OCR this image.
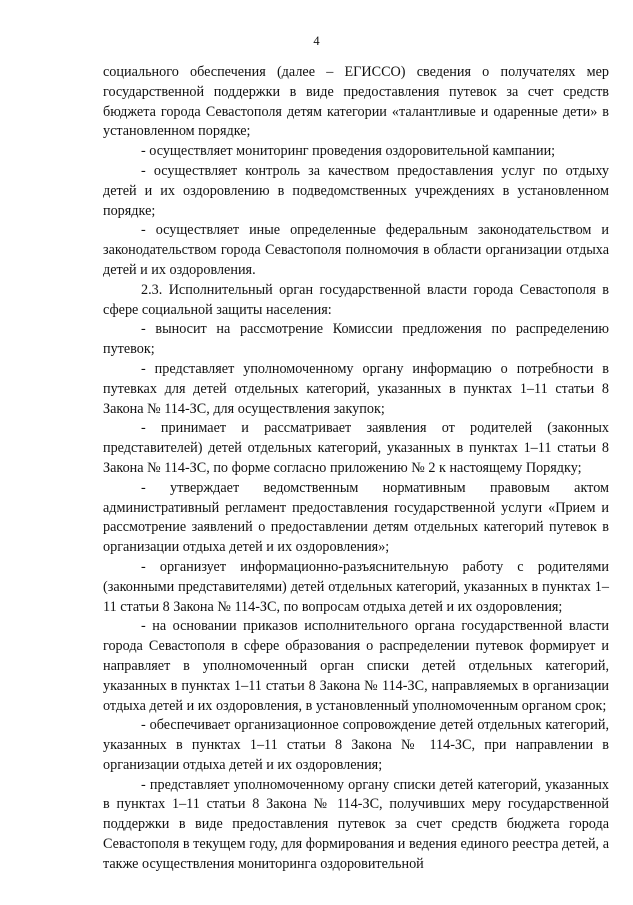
4

социального обеспечения (далее – ЕГИССО) сведения о получателях мер государственной поддержки в виде предоставления путевок за счет средств бюджета города Севастополя детям категории «талантливые и одаренные дети» в установленном порядке;

- осуществляет мониторинг проведения оздоровительной кампании;

- осуществляет контроль за качеством предоставления услуг по отдыху детей и их оздоровлению в подведомственных учреждениях в установленном порядке;

- осуществляет иные определенные федеральным законодательством и законодательством города Севастополя полномочия в области организации отдыха детей и их оздоровления.

2.3. Исполнительный орган государственной власти города Севастополя в сфере социальной защиты населения:

- выносит на рассмотрение Комиссии предложения по распределению путевок;

- представляет уполномоченному органу информацию о потребности в путевках для детей отдельных категорий, указанных в пунктах 1–11 статьи 8 Закона № 114-ЗС, для осуществления закупок;

- принимает и рассматривает заявления от родителей (законных представителей) детей отдельных категорий, указанных в пунктах 1–11 статьи 8 Закона № 114-ЗС, по форме согласно приложению № 2 к настоящему Порядку;

- утверждает ведомственным нормативным правовым актом административный регламент предоставления государственной услуги «Прием и рассмотрение заявлений о предоставлении детям отдельных категорий путевок в организации отдыха детей и их оздоровления»;

- организует информационно-разъяснительную работу с родителями (законными представителями) детей отдельных категорий, указанных в пунктах 1–11 статьи 8 Закона № 114-ЗС, по вопросам отдыха детей и их оздоровления;

- на основании приказов исполнительного органа государственной власти города Севастополя в сфере образования о распределении путевок формирует и направляет в уполномоченный орган списки детей отдельных категорий, указанных в пунктах 1–11 статьи 8 Закона № 114-ЗС, направляемых в организации отдыха детей и их оздоровления, в установленный уполномоченным органом срок;

- обеспечивает организационное сопровождение детей отдельных категорий, указанных в пунктах 1–11 статьи 8 Закона № 114-ЗС, при направлении в организации отдыха детей и их оздоровления;

- представляет уполномоченному органу списки детей категорий, указанных в пунктах 1–11 статьи 8 Закона № 114-ЗС, получивших меру государственной поддержки в виде предоставления путевок за счет средств бюджета города Севастополя в текущем году, для формирования и ведения единого реестра детей, а также осуществления мониторинга оздоровительной
